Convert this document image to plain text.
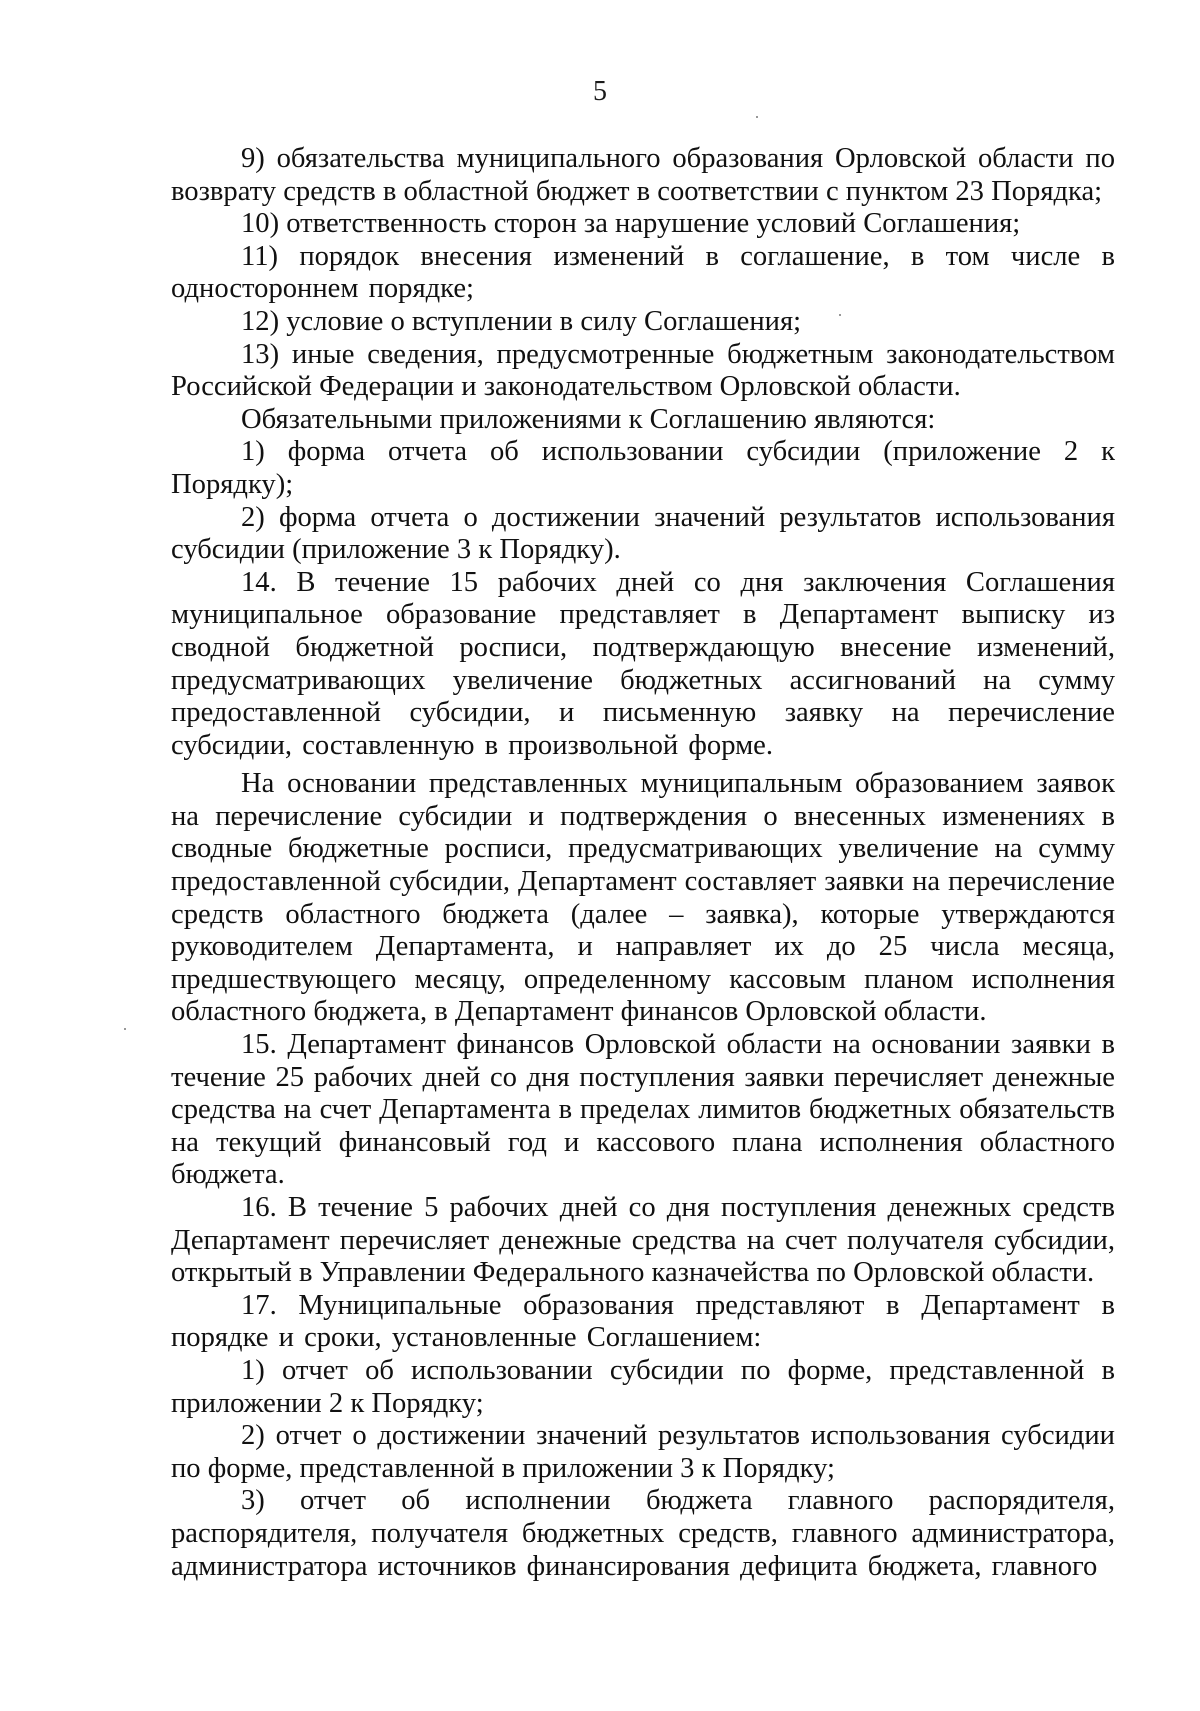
5

9) обязательства муниципального образования Орловской области по возврату средств в областной бюджет в соответствии с пунктом 23 Порядка;

10) ответственность сторон за нарушение условий Соглашения;

11) порядок внесения изменений в соглашение, в том числе в одностороннем порядке;

12) условие о вступлении в силу Соглашения;

13) иные сведения, предусмотренные бюджетным законодательством Российской Федерации и законодательством Орловской области.

Обязательными приложениями к Соглашению являются:

1) форма отчета об использовании субсидии (приложение 2 к Порядку);

2) форма отчета о достижении значений результатов использования субсидии (приложение 3 к Порядку).

14. В течение 15 рабочих дней со дня заключения Соглашения муниципальное образование представляет в Департамент выписку из сводной бюджетной росписи, подтверждающую внесение изменений, предусматривающих увеличение бюджетных ассигнований на сумму предоставленной субсидии, и письменную заявку на перечисление субсидии, составленную в произвольной форме.

На основании представленных муниципальным образованием заявок на перечисление субсидии и подтверждения о внесенных изменениях в сводные бюджетные росписи, предусматривающих увеличение на сумму предоставленной субсидии, Департамент составляет заявки на перечисление средств областного бюджета (далее – заявка), которые утверждаются руководителем Департамента, и направляет их до 25 числа месяца, предшествующего месяцу, определенному кассовым планом исполнения областного бюджета, в Департамент финансов Орловской области.

15. Департамент финансов Орловской области на основании заявки в течение 25 рабочих дней со дня поступления заявки перечисляет денежные средства на счет Департамента в пределах лимитов бюджетных обязательств на текущий финансовый год и кассового плана исполнения областного бюджета.

16. В течение 5 рабочих дней со дня поступления денежных средств Департамент перечисляет денежные средства на счет получателя субсидии, открытый в Управлении Федерального казначейства по Орловской области.

17. Муниципальные образования представляют в Департамент в порядке и сроки, установленные Соглашением:

1) отчет об использовании субсидии по форме, представленной в приложении 2 к Порядку;

2) отчет о достижении значений результатов использования субсидии по форме, представленной в приложении 3 к Порядку;

3) отчет об исполнении бюджета главного распорядителя, распорядителя, получателя бюджетных средств, главного администратора, администратора источников финансирования дефицита бюджета, главного
